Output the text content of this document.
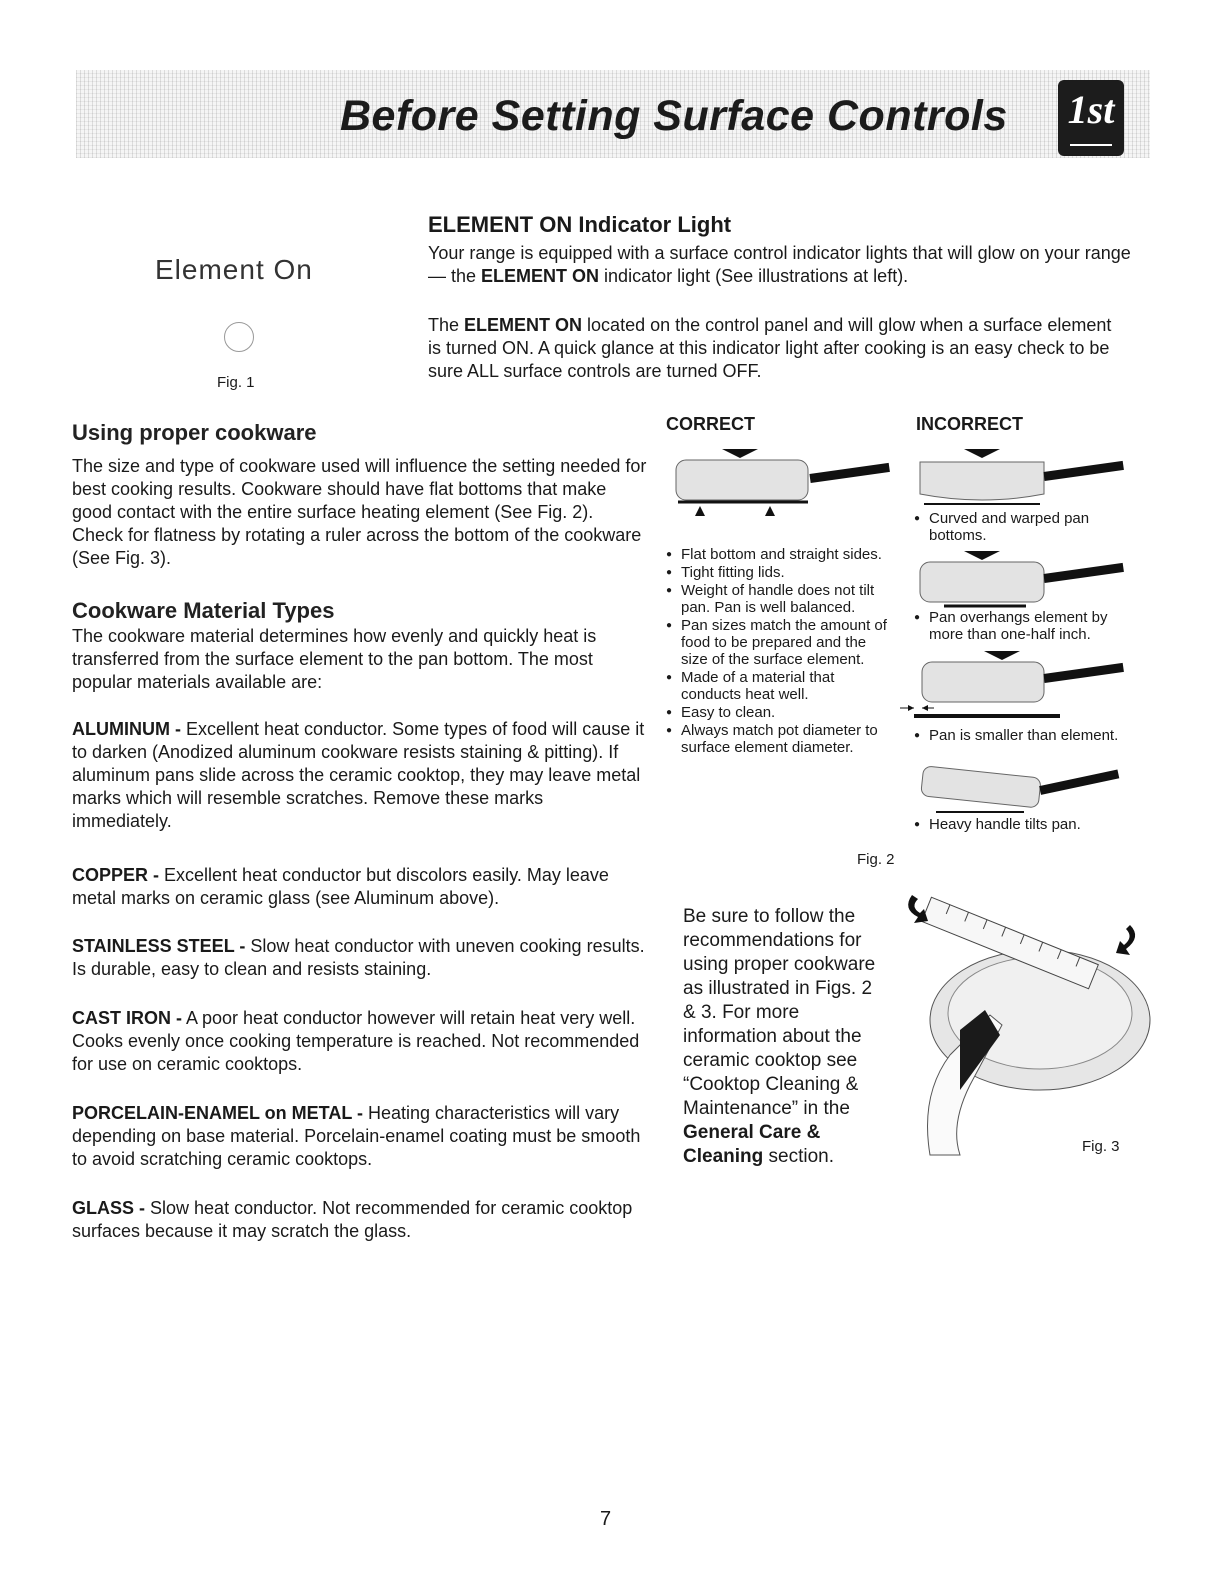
Before Setting Surface Controls 1st
Element On
Fig. 1
ELEMENT ON Indicator Light
Your range is equipped with a surface control indicator lights that will glow on your range— the ELEMENT ON indicator light (See illustrations at left).
The ELEMENT ON located on the control panel and will glow when a surface element is turned ON. A quick glance at this indicator light after cooking is an easy check to be sure ALL surface controls are turned OFF.
Using proper cookware
The size and type of cookware used will influence the setting needed for best cooking results. Cookware should have flat bottoms that make good contact with the entire surface heating element (See Fig. 2). Check for flatness by rotating a ruler across the bottom of the cookware (See Fig. 3).
Cookware Material Types
The cookware material determines how evenly and quickly heat is transferred from the surface element to the pan bottom. The most popular materials available are:
ALUMINUM - Excellent heat conductor. Some types of food will cause it to darken (Anodized aluminum cookware resists staining & pitting). If aluminum pans slide across the ceramic cooktop, they may leave metal marks which will resemble scratches. Remove these marks immediately.
COPPER - Excellent heat conductor but discolors easily. May leave metal marks on ceramic glass (see Aluminum above).
STAINLESS STEEL - Slow heat conductor with uneven cooking results. Is durable, easy to clean and resists staining.
CAST IRON - A poor heat conductor however will retain heat very well. Cooks evenly once cooking temperature is reached. Not recommended for use on ceramic cooktops.
PORCELAIN-ENAMEL on METAL - Heating characteristics will vary depending on base material. Porcelain-enamel coating must be smooth to avoid scratching ceramic cooktops.
GLASS - Slow heat conductor. Not recommended for ceramic cooktop surfaces because it may scratch the glass.
CORRECT	INCORRECT
● Flat bottom and straight sides.
● Tight fitting lids.
● Weight of handle does not tilt pan. Pan is well balanced.
● Pan sizes match the amount of food to be prepared and the size of the surface element.
● Made of a material that conducts heat well.
● Easy to clean.
● Always match pot diameter to surface element diameter.
● Curved and warped pan bottoms.
● Pan overhangs element by more than one-half inch.
● Pan is smaller than element.
● Heavy handle tilts pan.
Fig. 2
Be sure to follow the recommendations for using proper cookware as illustrated in Figs. 2 & 3. For more information about the ceramic cooktop see “Cooktop Cleaning & Maintenance” in the General Care & Cleaning section.	Fig. 3
7
